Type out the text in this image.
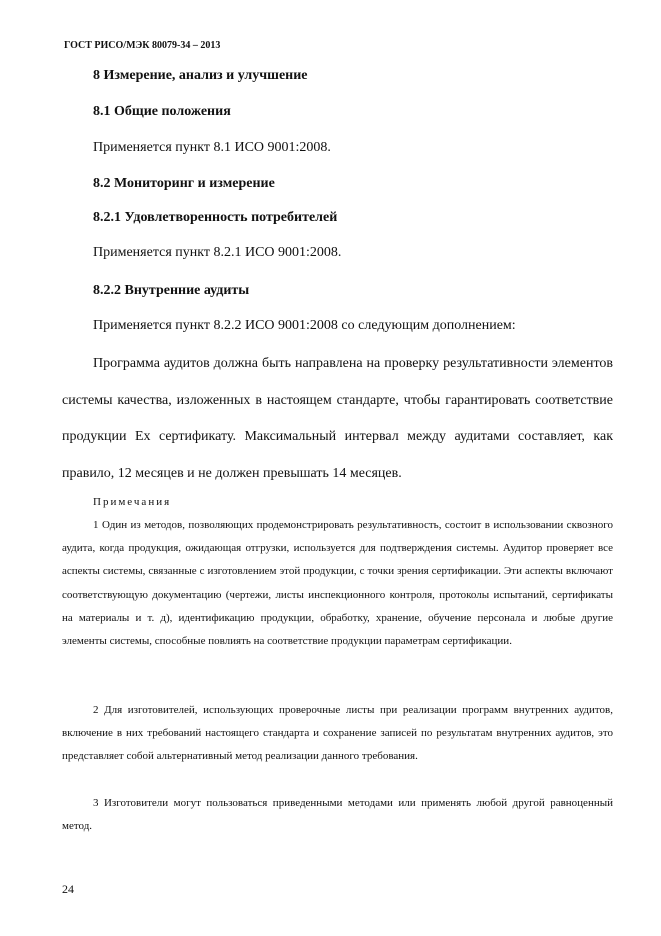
ГОСТ РИСО/МЭК 80079-34 – 2013
8 Измерение, анализ и улучшение
8.1 Общие положения
Применяется пункт 8.1 ИСО 9001:2008.
8.2 Мониторинг и измерение
8.2.1 Удовлетворенность потребителей
Применяется пункт 8.2.1 ИСО 9001:2008.
8.2.2 Внутренние аудиты
Применяется пункт 8.2.2 ИСО 9001:2008 со следующим дополнением:
Программа аудитов должна быть направлена на проверку результативности элементов системы качества, изложенных в настоящем стандарте, чтобы гарантировать соответствие продукции Ех сертификату. Максимальный интервал между аудитами составляет, как правило, 12 месяцев и не должен превышать 14 месяцев.
Примечания
1 Один из методов, позволяющих продемонстрировать результативность, состоит в использовании сквозного аудита, когда продукция, ожидающая отгрузки, используется для подтверждения системы. Аудитор проверяет все аспекты системы, связанные с изготовлением этой продукции, с точки зрения сертификации. Эти аспекты включают соответствующую документацию (чертежи, листы инспекционного контроля, протоколы испытаний, сертификаты на материалы и т. д), идентификацию продукции, обработку, хранение, обучение персонала и любые другие элементы системы, способные повлиять на соответствие продукции параметрам сертификации.
2 Для изготовителей, использующих проверочные листы при реализации программ внутренних аудитов, включение в них требований настоящего стандарта и сохранение записей по результатам внутренних аудитов, это представляет собой альтернативный метод реализации данного требования.
3 Изготовители могут пользоваться приведенными методами или применять любой другой равноценный метод.
24
